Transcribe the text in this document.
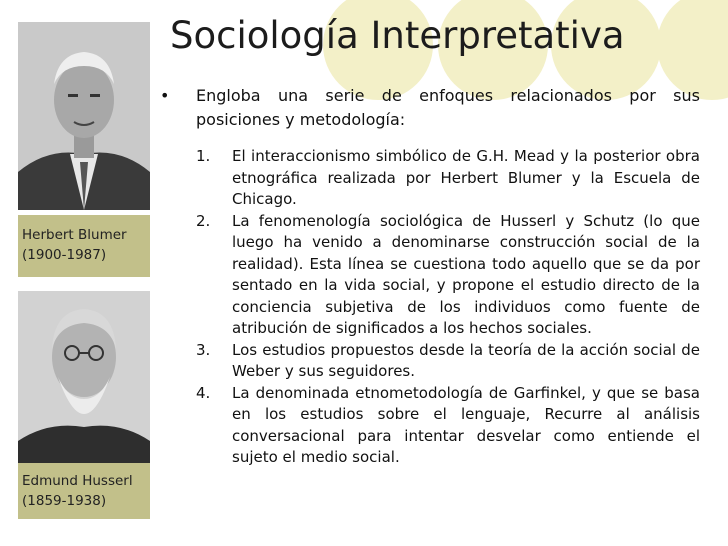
Sociología Interpretativa
Herbert Blumer
(1900-1987)
Edmund Husserl
(1859-1938)
• Engloba una serie de enfoques relacionados por sus posiciones y metodología:
1. El interaccionismo simbólico de G.H. Mead y la posterior obra etnográfica realizada por Herbert Blumer y la Escuela de Chicago.
2. La fenomenología sociológica de Husserl y Schutz (lo que luego ha venido a denominarse construcción social de la realidad). Esta línea se cuestiona todo aquello que se da por sentado en la vida social, y propone el estudio directo de la conciencia subjetiva de los individuos como fuente de atribución de significados a los hechos sociales.
3. Los estudios propuestos desde la teoría de la acción social de Weber y sus seguidores.
4. La denominada etnometodología de Garfinkel, y que se basa en los estudios sobre el lenguaje, Recurre al análisis conversacional para intentar desvelar como entiende el sujeto el medio social.
